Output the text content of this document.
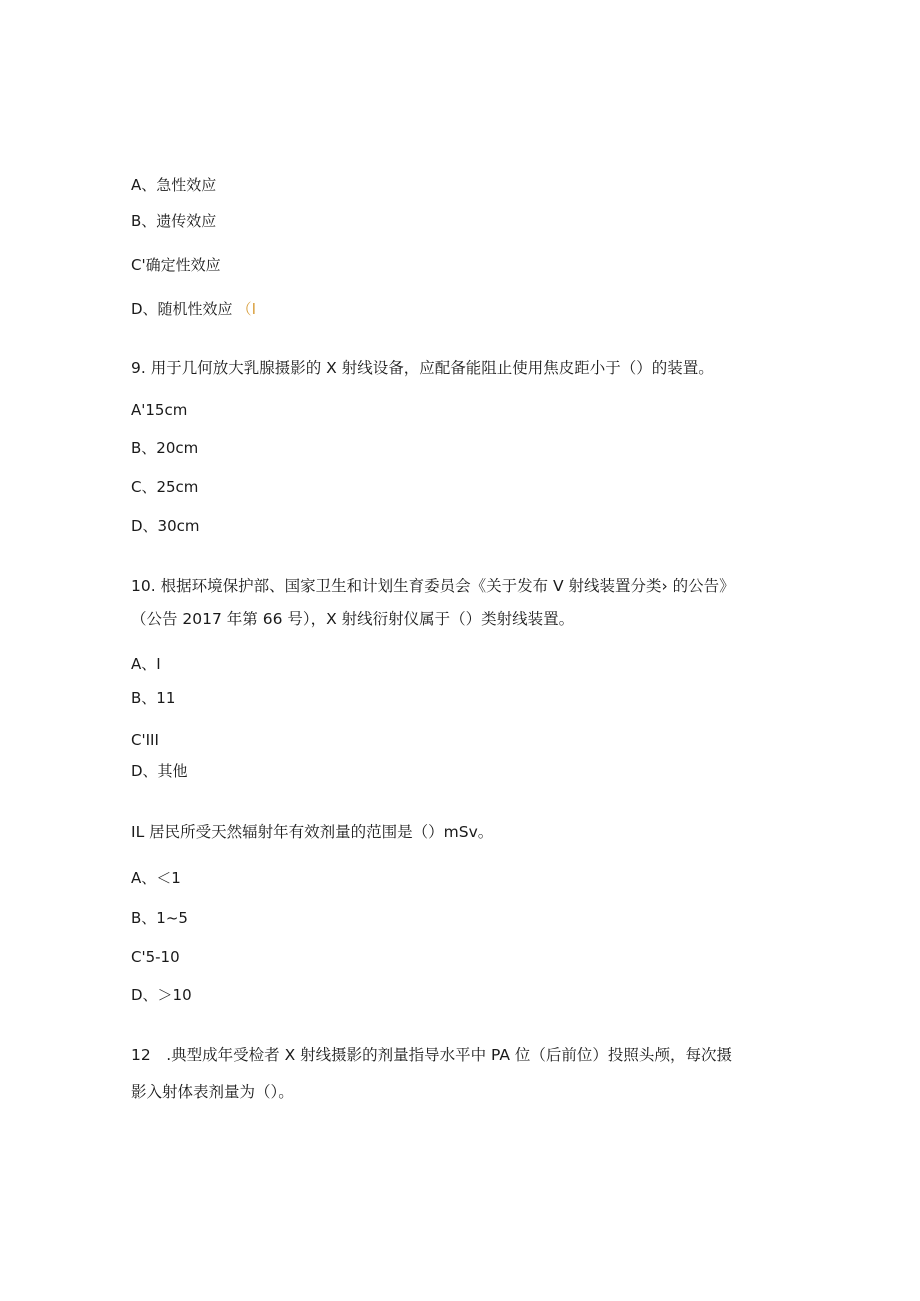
A、急性效应
B、遗传效应
C'确定性效应
D、随机性效应 （I
9. 用于几何放大乳腺摄影的 X 射线设备，应配备能阻止使用焦皮距小于（）的装置。
A'15cm
B、20cm
C、25cm
D、30cm
10. 根据环境保护部、国家卫生和计划生育委员会《关于发布 V 射线装置分类› 的公告》
（公告 2017 年第 66 号），X 射线衍射仪属于（）类射线装置。
A、I
B、11
C'III
D、其他
IL 居民所受天然辐射年有效剂量的范围是（）mSv。
A、＜1
B、1~5
C'5-10
D、＞10
12　.典型成年受检者 X 射线摄影的剂量指导水平中 PA 位（后前位）投照头颅，每次摄
影入射体表剂量为（）。
